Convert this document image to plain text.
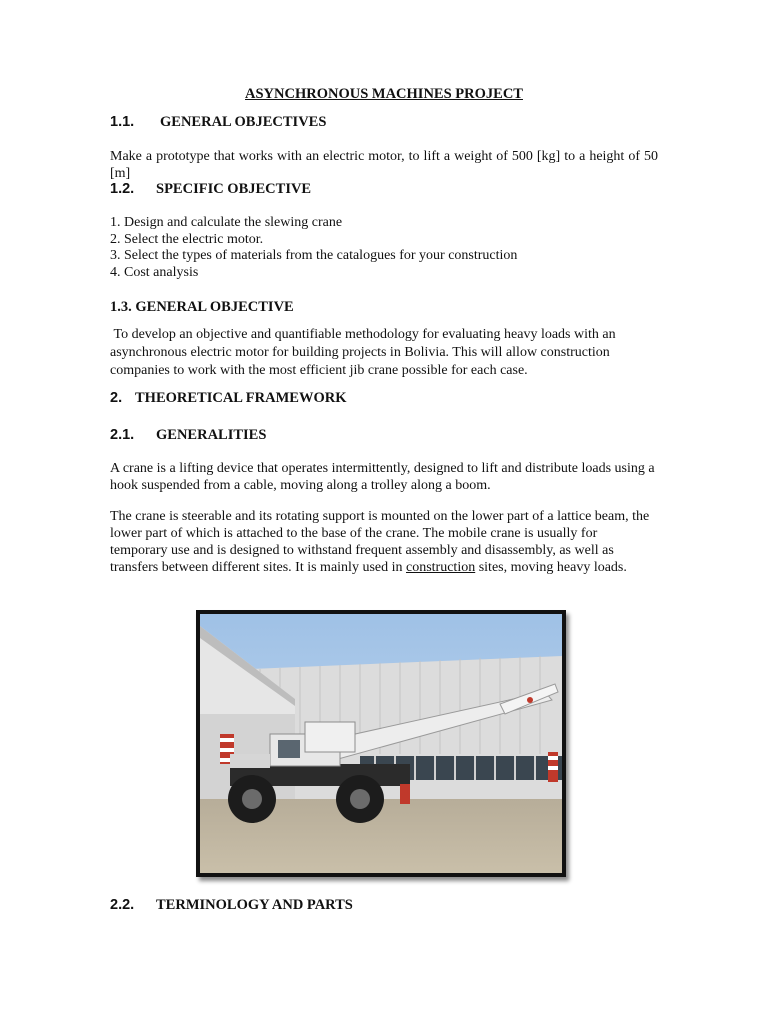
ASYNCHRONOUS MACHINES PROJECT
1.1. GENERAL OBJECTIVES
Make a prototype that works with an electric motor, to lift a weight of 500 [kg] to a height of 50 [m]
1.2. SPECIFIC OBJECTIVE
1. Design and calculate the slewing crane
2. Select the electric motor.
3. Select the types of materials from the catalogues for your construction
4. Cost analysis
1.3. GENERAL OBJECTIVE
To develop an objective and quantifiable methodology for evaluating heavy loads with an asynchronous electric motor for building projects in Bolivia. This will allow construction companies to work with the most efficient jib crane possible for each case.
2. THEORETICAL FRAMEWORK
2.1. GENERALITIES
A crane is a lifting device that operates intermittently, designed to lift and distribute loads using a hook suspended from a cable, moving along a trolley along a boom.
The crane is steerable and its rotating support is mounted on the lower part of a lattice beam, the lower part of which is attached to the base of the crane. The mobile crane is usually for temporary use and is designed to withstand frequent assembly and disassembly, as well as transfers between different sites. It is mainly used in construction sites, moving heavy loads.
2.2. TERMINOLOGY AND PARTS
